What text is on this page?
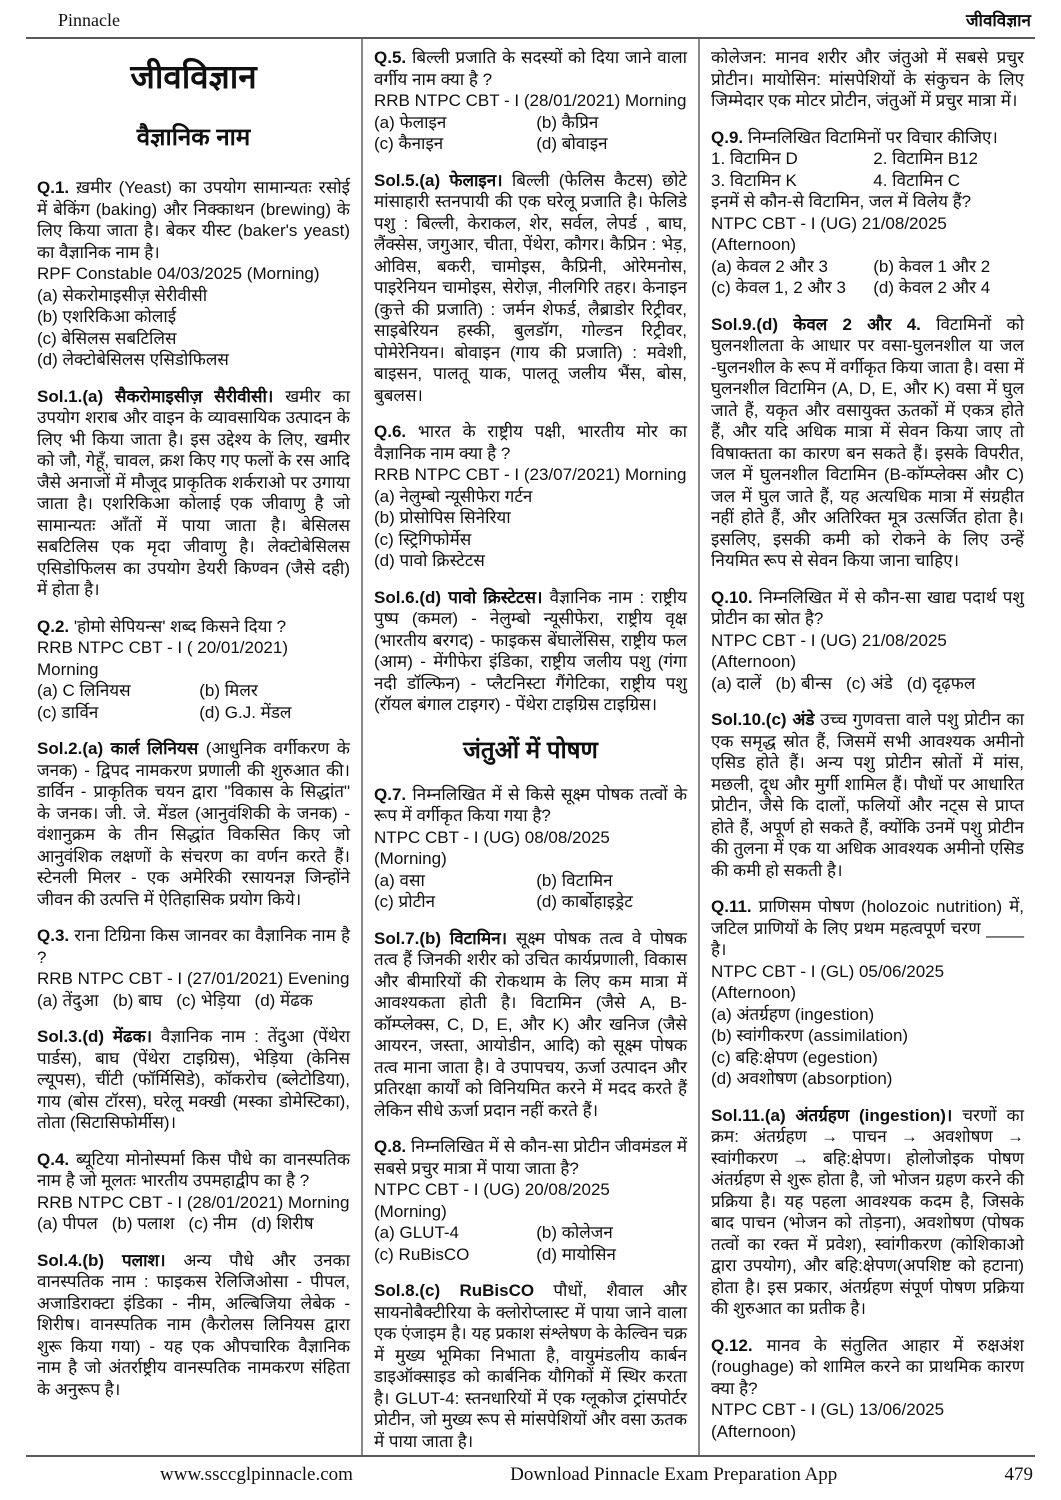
Pinnacle	जीवविज्ञान
जीवविज्ञान
वैज्ञानिक नाम

Q.1. ख़मीर (Yeast) का उपयोग सामान्यतः रसोई में बेकिंग (baking) और निक्काथन (brewing) के लिए किया जाता है। बेकर यीस्ट (baker's yeast) का वैज्ञानिक नाम है।

RPF Constable 04/03/2025 (Morning)

(a) सेकरोमाइसीज़ सेरीवीसी
(b) एशरिकिआ कोलाई
(c) बेसिलस सबटिलिस
(d) लेक्टोबेसिलस एसिडोफिलस

Sol.1.(a) सैकरोमाइसीज़ सैरीवीसी। खमीर का उपयोग शराब और वाइन के व्यावसायिक उत्पादन के लिए भी किया जाता है। इस उद्देश्य के लिए, खमीर को जौ, गेहूँ, चावल, क्रश किए गए फलों के रस आदि जैसे अनाजों में मौजूद प्राकृतिक शर्कराओ पर उगाया जाता है। एशरिकिआ कोलाई एक जीवाणु है जो सामान्यतः आँतों में पाया जाता है। बेसिलस सबटिलिस एक मृदा जीवाणु है। लेक्टोबेसिलस एसिडोफिलस का उपयोग डेयरी किण्वन (जैसे दही) में होता है।

Q.2. 'होमो सेपियन्स' शब्द किसने दिया ?

RRB NTPC CBT - I ( 20/01/2021) Morning

(a) C लिनियस	(b) मिलर
(c) डार्विन	(d) G.J. मेंडल

Sol.2.(a) कार्ल लिनियस (आधुनिक वर्गीकरण के जनक) - द्विपद नामकरण प्रणाली की शुरुआत की। डार्विन - प्राकृतिक चयन द्वारा "विकास के सिद्धांत" के जनक। जी. जे. मेंडल (आनुवंशिकी के जनक) - वंशानुक्रम के तीन सिद्धांत विकसित किए जो आनुवंशिक लक्षणों के संचरण का वर्णन करते हैं। स्टेनली मिलर - एक अमेरिकी रसायनज्ञ जिन्होंने जीवन की उत्पत्ति में ऐतिहासिक प्रयोग किये।

Q.3. राना टिग्रिना किस जानवर का वैज्ञानिक नाम है ?

RRB NTPC CBT - I (27/01/2021) Evening

(a) तेंदुआ (b) बाघ (c) भेड़िया (d) मेंढक

Sol.3.(d) मेंढक। वैज्ञानिक नाम : तेंदुआ (पेंथेरा पार्डस), बाघ (पेंथेरा टाइग्रिस), भेड़िया (केनिस ल्यूपस), चींटी (फॉर्मिसिडे), कॉकरोच (ब्लेटोडिया), गाय (बोस टॉरस), घरेलू मक्खी (मस्का डोमेस्टिका), तोता (सिटासिफोर्मीस)।

Q.4. ब्यूटिया मोनोस्पर्मा किस पौधे का वानस्पतिक नाम है जो मूलतः भारतीय उपमहाद्वीप का है ?

RRB NTPC CBT - I (28/01/2021) Morning

(a) पीपल (b) पलाश (c) नीम (d) शिरीष

Sol.4.(b) पलाश। अन्य पौधे और उनका वानस्पतिक नाम : फाइकस रेलिजिओसा - पीपल, अजाडिराक्टा इंडिका - नीम, अल्बिजिया लेबेक - शिरीष। वानस्पतिक नाम (कैरोलस लिनियस द्वारा शुरू किया गया) - यह एक औपचारिक वैज्ञानिक नाम है जो अंतर्राष्ट्रीय वानस्पतिक नामकरण संहिता के अनुरूप है।

Q.5. बिल्ली प्रजाति के सदस्यों को दिया जाने वाला वर्गीय नाम क्या है ?

RRB NTPC CBT - I (28/01/2021) Morning

(a) फेलाइन	(b) कैप्रिन
(c) कैनाइन	(d) बोवाइन

Sol.5.(a) फेलाइन। बिल्ली (फेलिस कैटस) छोटे मांसाहारी स्तनपायी की एक घरेलू प्रजाति है। फेलिडे पशु : बिल्ली, केराकल, शेर, सर्वल, लेपर्ड , बाघ, लैंक्सेस, जगुआर, चीता, पेंथेरा, कौगर। कैप्रिन : भेड़, ओविस, बकरी, चामोइस, कैप्रिनी, ओरेमनोस, पाइरेनियन चामोइस, सेरोज़, नीलगिरि तहर। केनाइन (कुत्ते की प्रजाति) : जर्मन शेफर्ड, लैब्राडोर रिट्रीवर, साइबेरियन हस्की, बुलडॉग, गोल्डन रिट्रीवर, पोमेरेनियन। बोवाइन (गाय की प्रजाति) : मवेशी, बाइसन, पालतू याक, पालतू जलीय भैंस, बोस, बुबलस।

Q.6. भारत के राष्ट्रीय पक्षी, भारतीय मोर का वैज्ञानिक नाम क्या है ?

RRB NTPC CBT - I (23/07/2021) Morning

(a) नेलुम्बो न्यूसीफेरा गर्टन
(b) प्रोसोपिस सिनेरिया
(c) स्ट्रिगिफोर्मेस
(d) पावो क्रिस्टेटस

Sol.6.(d) पावो क्रिस्टेटस। वैज्ञानिक नाम : राष्ट्रीय पुष्प (कमल) - नेलुम्बो न्यूसीफेरा, राष्ट्रीय वृक्ष (भारतीय बरगद) - फाइकस बेंघालेंसिस, राष्ट्रीय फल (आम) - मेंगीफेरा इंडिका, राष्ट्रीय जलीय पशु (गंगा नदी डॉल्फिन) - प्लैटनिस्टा गैंगेटिका, राष्ट्रीय पशु (रॉयल बंगाल टाइगर) - पेंथेरा टाइग्रिस टाइग्रिस।

जंतुओं में पोषण

Q.7. निम्नलिखित में से किसे सूक्ष्म पोषक तत्वों के रूप में वर्गीकृत किया गया है?

NTPC CBT - I (UG) 08/08/2025 (Morning)

(a) वसा	(b) विटामिन
(c) प्रोटीन	(d) कार्बोहाइड्रेट

Sol.7.(b) विटामिन। सूक्ष्म पोषक तत्व वे पोषक तत्व हैं जिनकी शरीर को उचित कार्यप्रणाली, विकास और बीमारियों की रोकथाम के लिए कम मात्रा में आवश्यकता होती है। विटामिन (जैसे A, B-कॉम्प्लेक्स, C, D, E, और K) और खनिज (जैसे आयरन, जस्ता, आयोडीन, आदि) को सूक्ष्म पोषक तत्व माना जाता है। वे उपापचय, ऊर्जा उत्पादन और प्रतिरक्षा कार्यों को विनियमित करने में मदद करते हैं लेकिन सीधे ऊर्जा प्रदान नहीं करते हैं।

Q.8. निम्नलिखित में से कौन-सा प्रोटीन जीवमंडल में सबसे प्रचुर मात्रा में पाया जाता है?

NTPC CBT - I (UG) 20/08/2025 (Morning)

(a) GLUT-4	(b) कोलेजन
(c) RuBisCO	(d) मायोसिन

Sol.8.(c) RuBisCO पौधों, शैवाल और सायनोबैक्टीरिया के क्लोरोप्लास्ट में पाया जाने वाला एक एंजाइम है। यह प्रकाश संश्लेषण के केल्विन चक्र में मुख्य भूमिका निभाता है, वायुमंडलीय कार्बन डाइऑक्साइड को कार्बनिक यौगिकों में स्थिर करता है। GLUT-4: स्तनधारियों में एक ग्लूकोज ट्रांसपोर्टर प्रोटीन, जो मुख्य रूप से मांसपेशियों और वसा ऊतक में पाया जाता है।

कोलेजन: मानव शरीर और जंतुओ में सबसे प्रचुर प्रोटीन। मायोसिन: मांसपेशियों के संकुचन के लिए जिम्मेदार एक मोटर प्रोटीन, जंतुओं में प्रचुर मात्रा में।

Q.9. निम्नलिखित विटामिनों पर विचार कीजिए।

1. विटामिन D	2. विटामिन B12
3. विटामिन K	4. विटामिन C

इनमें से कौन-से विटामिन, जल में विलेय हैं?

NTPC CBT - I (UG) 21/08/2025 (Afternoon)

(a) केवल 2 और 3	(b) केवल 1 और 2
(c) केवल 1, 2 और 3	(d) केवल 2 और 4

Sol.9.(d) केवल 2 और 4. विटामिनों को घुलनशीलता के आधार पर वसा-घुलनशील या जल -घुलनशील के रूप में वर्गीकृत किया जाता है। वसा में घुलनशील विटामिन (A, D, E, और K) वसा में घुल जाते हैं, यकृत और वसायुक्त ऊतकों में एकत्र होते हैं, और यदि अधिक मात्रा में सेवन किया जाए तो विषाक्तता का कारण बन सकते हैं। इसके विपरीत, जल में घुलनशील विटामिन (B-कॉम्प्लेक्स और C) जल में घुल जाते हैं, यह अत्यधिक मात्रा में संग्रहीत नहीं होते हैं, और अतिरिक्त मूत्र उत्सर्जित होता है। इसलिए, इसकी कमी को रोकने के लिए उन्हें नियमित रूप से सेवन किया जाना चाहिए।

Q.10. निम्नलिखित में से कौन-सा खाद्य पदार्थ पशु प्रोटीन का स्रोत है?

NTPC CBT - I (UG) 21/08/2025 (Afternoon)

(a) दालें (b) बीन्स (c) अंडे (d) दृढ़फल

Sol.10.(c) अंडे उच्च गुणवत्ता वाले पशु प्रोटीन का एक समृद्ध स्रोत हैं, जिसमें सभी आवश्यक अमीनो एसिड होते हैं। अन्य पशु प्रोटीन स्रोतों में मांस, मछली, दूध और मुर्गी शामिल हैं। पौधों पर आधारित प्रोटीन, जैसे कि दालों, फलियों और नट्स से प्राप्त होते हैं, अपूर्ण हो सकते हैं, क्योंकि उनमें पशु प्रोटीन की तुलना में एक या अधिक आवश्यक अमीनो एसिड की कमी हो सकती है।

Q.11. प्राणिसम पोषण (holozoic nutrition) में, जटिल प्राणियों के लिए प्रथम महत्वपूर्ण चरण ____ है।

NTPC CBT - I (GL) 05/06/2025 (Afternoon)

(a) अंतर्ग्रहण (ingestion)
(b) स्वांगीकरण (assimilation)
(c) बहि:क्षेपण (egestion)
(d) अवशोषण (absorption)

Sol.11.(a) अंतर्ग्रहण (ingestion)। चरणों का क्रम: अंतर्ग्रहण → पाचन → अवशोषण → स्वांगीकरण → बहि:क्षेपण। होलोजोइक पोषण अंतर्ग्रहण से शुरू होता है, जो भोजन ग्रहण करने की प्रक्रिया है। यह पहला आवश्यक कदम है, जिसके बाद पाचन (भोजन को तोड़ना), अवशोषण (पोषक तत्वों का रक्त में प्रवेश), स्वांगीकरण (कोशिकाओ द्वारा उपयोग), और बहि:क्षेपण(अपशिष्ट को हटाना) होता है। इस प्रकार, अंतर्ग्रहण संपूर्ण पोषण प्रक्रिया की शुरुआत का प्रतीक है।

Q.12. मानव के संतुलित आहार में रुक्षअंश (roughage) को शामिल करने का प्राथमिक कारण क्या है?

NTPC CBT - I (GL) 13/06/2025 (Afternoon)

www.ssccglpinnacle.com	Download Pinnacle Exam Preparation App	479
